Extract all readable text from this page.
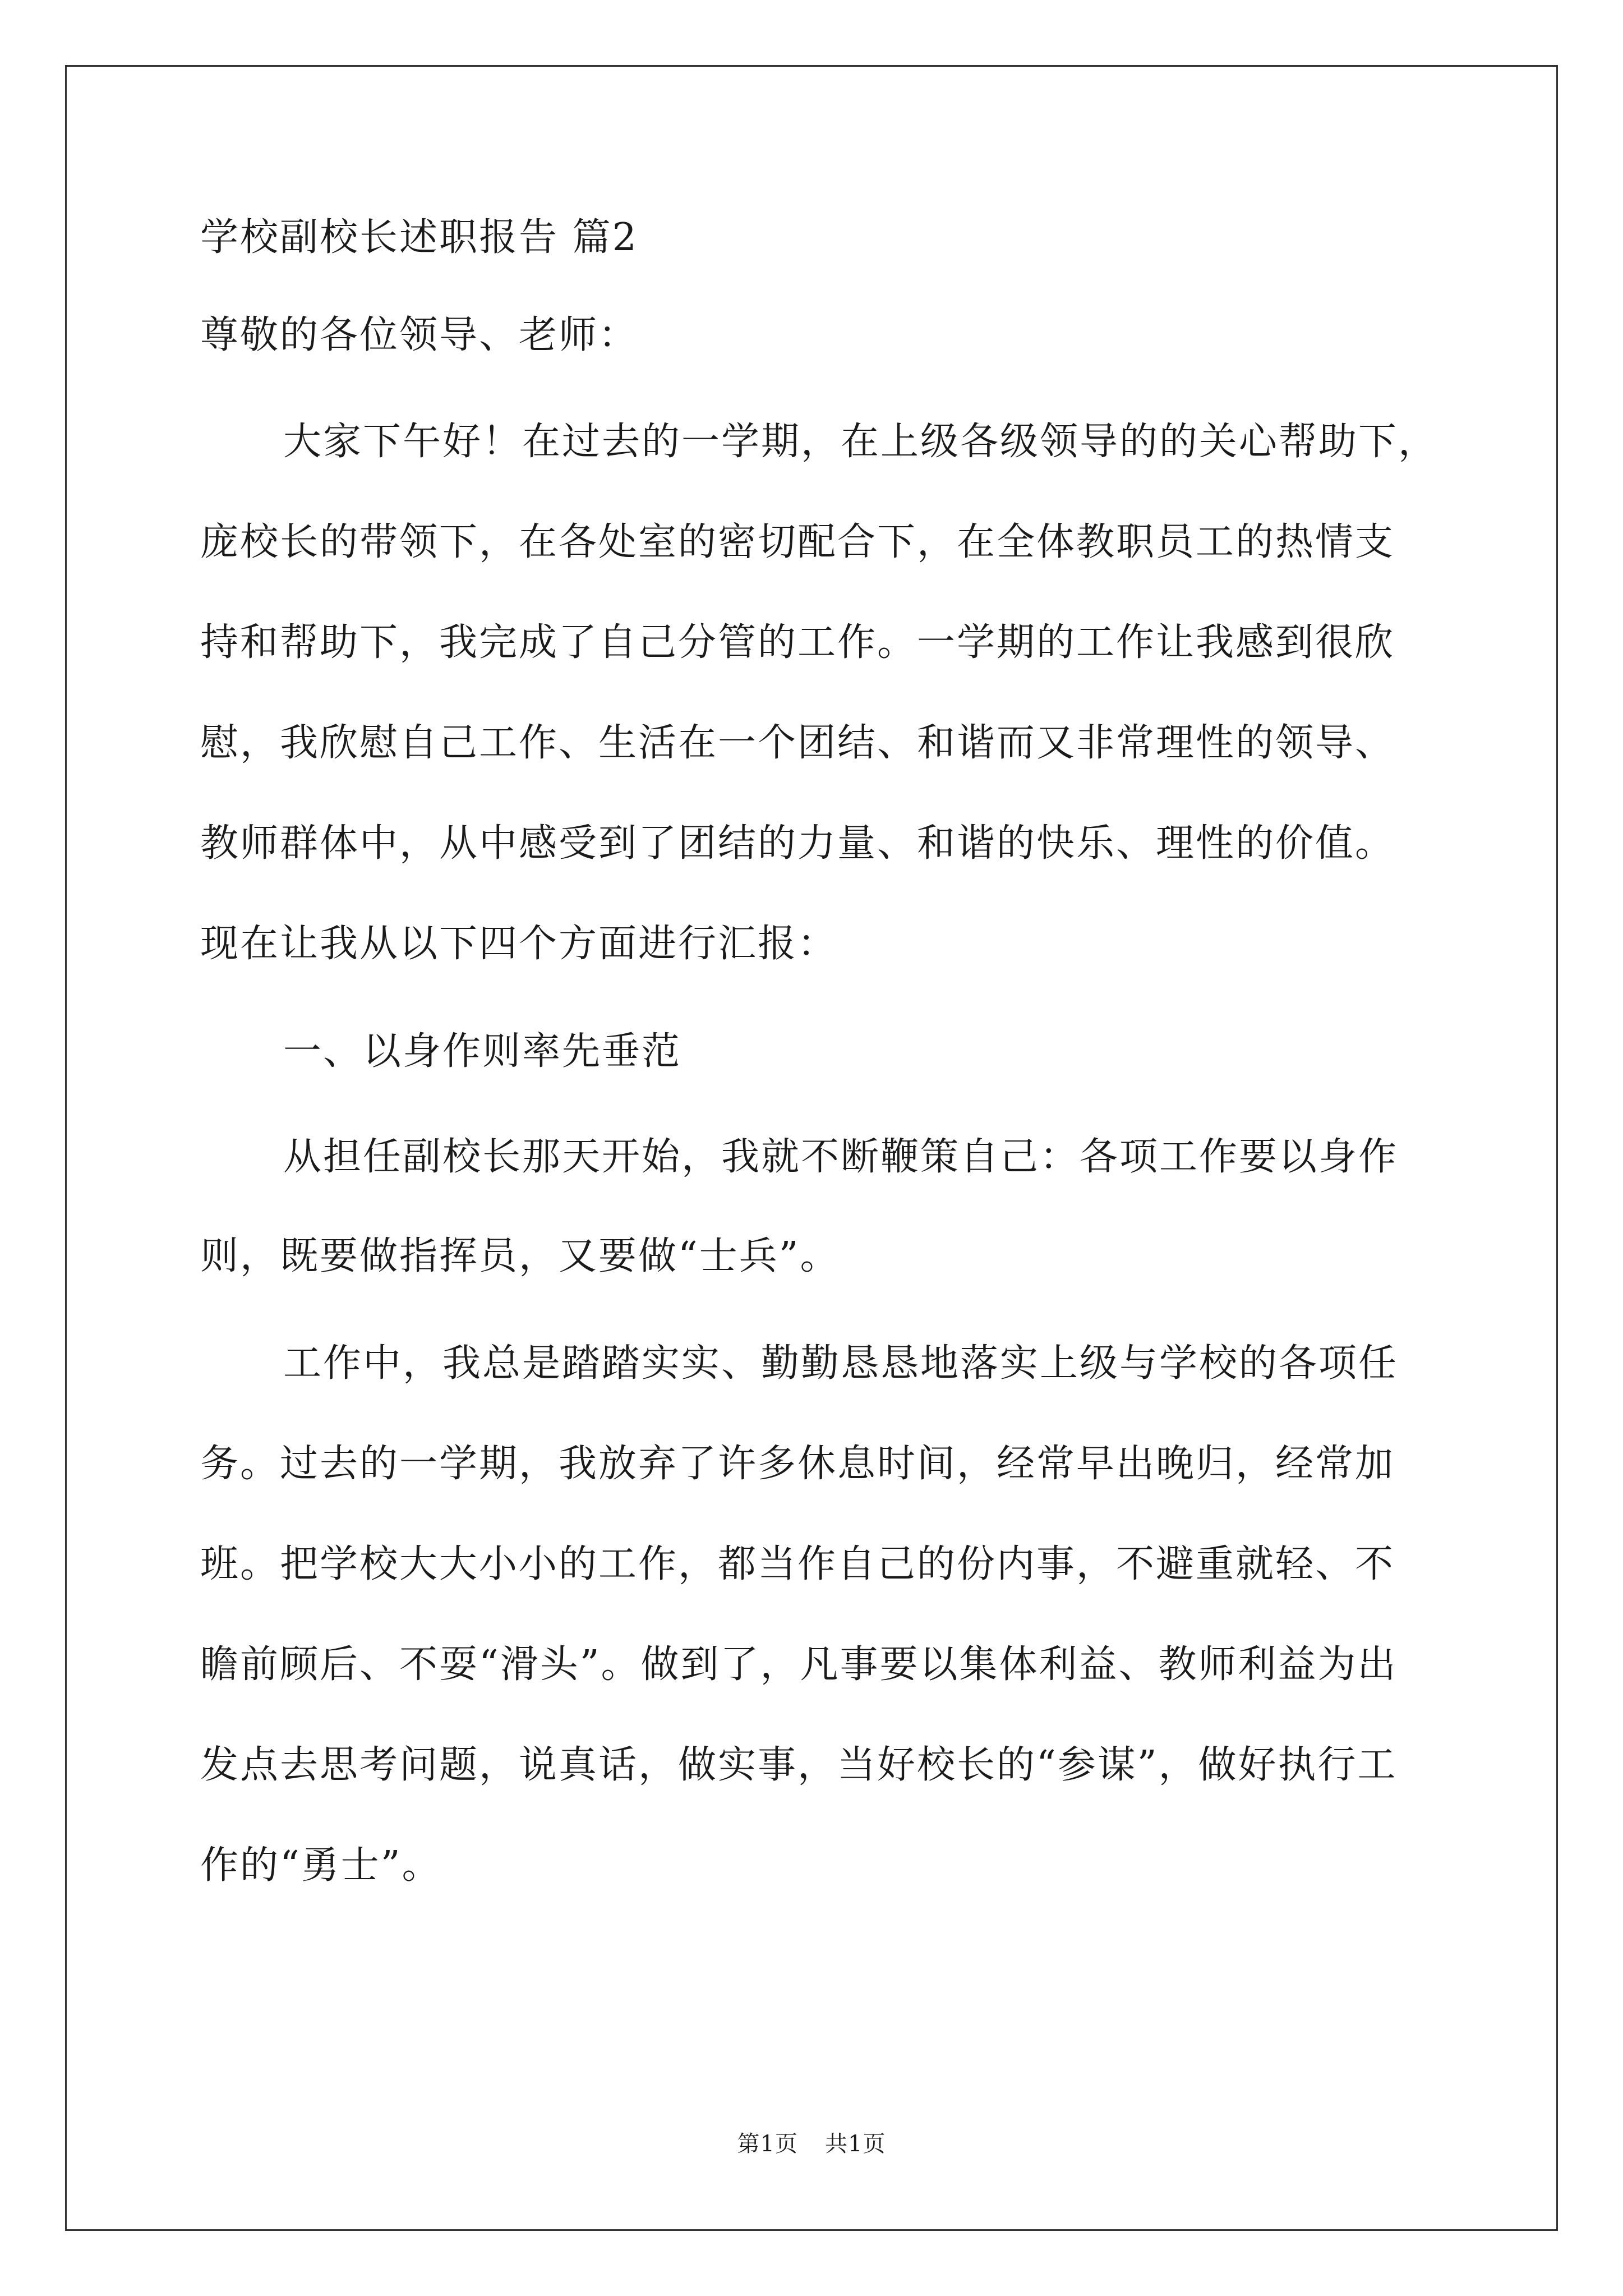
学校副校长述职报告 篇2
尊敬的各位领导、老师：
大家下午好！在过去的一学期，在上级各级领导的的关心帮助下，
庞校长的带领下，在各处室的密切配合下，在全体教职员工的热情支
持和帮助下，我完成了自己分管的工作。一学期的工作让我感到很欣
慰，我欣慰自己工作、生活在一个团结、和谐而又非常理性的领导、
教师群体中，从中感受到了团结的力量、和谐的快乐、理性的价值。
现在让我从以下四个方面进行汇报：
一、以身作则率先垂范
从担任副校长那天开始，我就不断鞭策自己：各项工作要以身作
则，既要做指挥员，又要做“士兵”。
工作中，我总是踏踏实实、勤勤恳恳地落实上级与学校的各项任
务。过去的一学期，我放弃了许多休息时间，经常早出晚归，经常加
班。把学校大大小小的工作，都当作自己的份内事，不避重就轻、不
瞻前顾后、不耍“滑头”。做到了，凡事要以集体利益、教师利益为出
发点去思考问题，说真话，做实事，当好校长的“参谋”，做好执行工
作的“勇士”。
第1页 共1页
